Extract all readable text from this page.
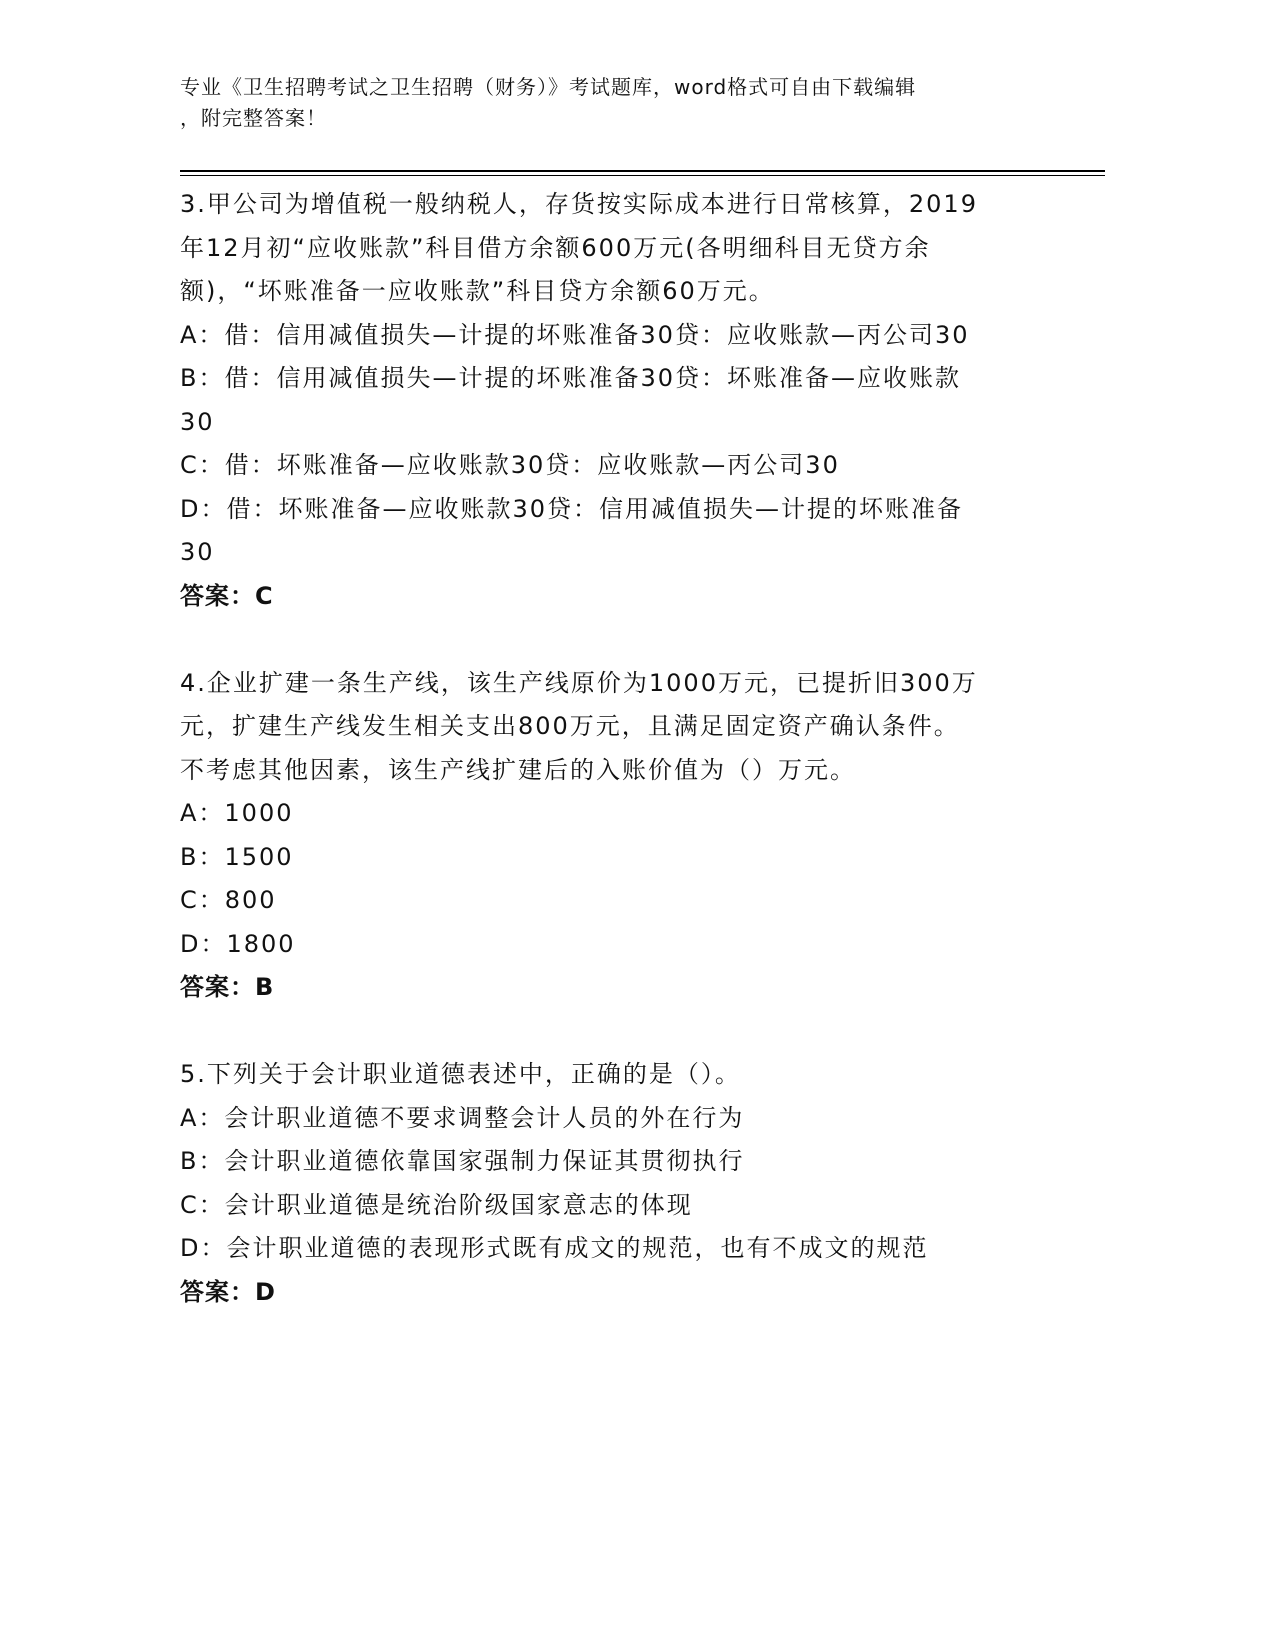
专业《卫生招聘考试之卫生招聘（财务）》考试题库，word格式可自由下载编辑
，附完整答案！
3.甲公司为增值税一般纳税人，存货按实际成本进行日常核算，2019
年12月初“应收账款”科目借方余额600万元(各明细科目无贷方余
额)，“坏账准备一应收账款”科目贷方余额60万元。
A：借：信用减值损失—计提的坏账准备30贷：应收账款—丙公司30
B：借：信用减值损失—计提的坏账准备30贷：坏账准备—应收账款
30
C：借：坏账准备—应收账款30贷：应收账款—丙公司30
D：借：坏账准备—应收账款30贷：信用减值损失—计提的坏账准备
30
答案：C
4.企业扩建一条生产线，该生产线原价为1000万元，已提折旧300万
元，扩建生产线发生相关支出800万元，且满足固定资产确认条件。
不考虑其他因素，该生产线扩建后的入账价值为（）万元。
A：1000
B：1500
C：800
D：1800
答案：B
5.下列关于会计职业道德表述中，正确的是（）。
A：会计职业道德不要求调整会计人员的外在行为
B：会计职业道德依靠国家强制力保证其贯彻执行
C：会计职业道德是统治阶级国家意志的体现
D：会计职业道德的表现形式既有成文的规范，也有不成文的规范
答案：D
